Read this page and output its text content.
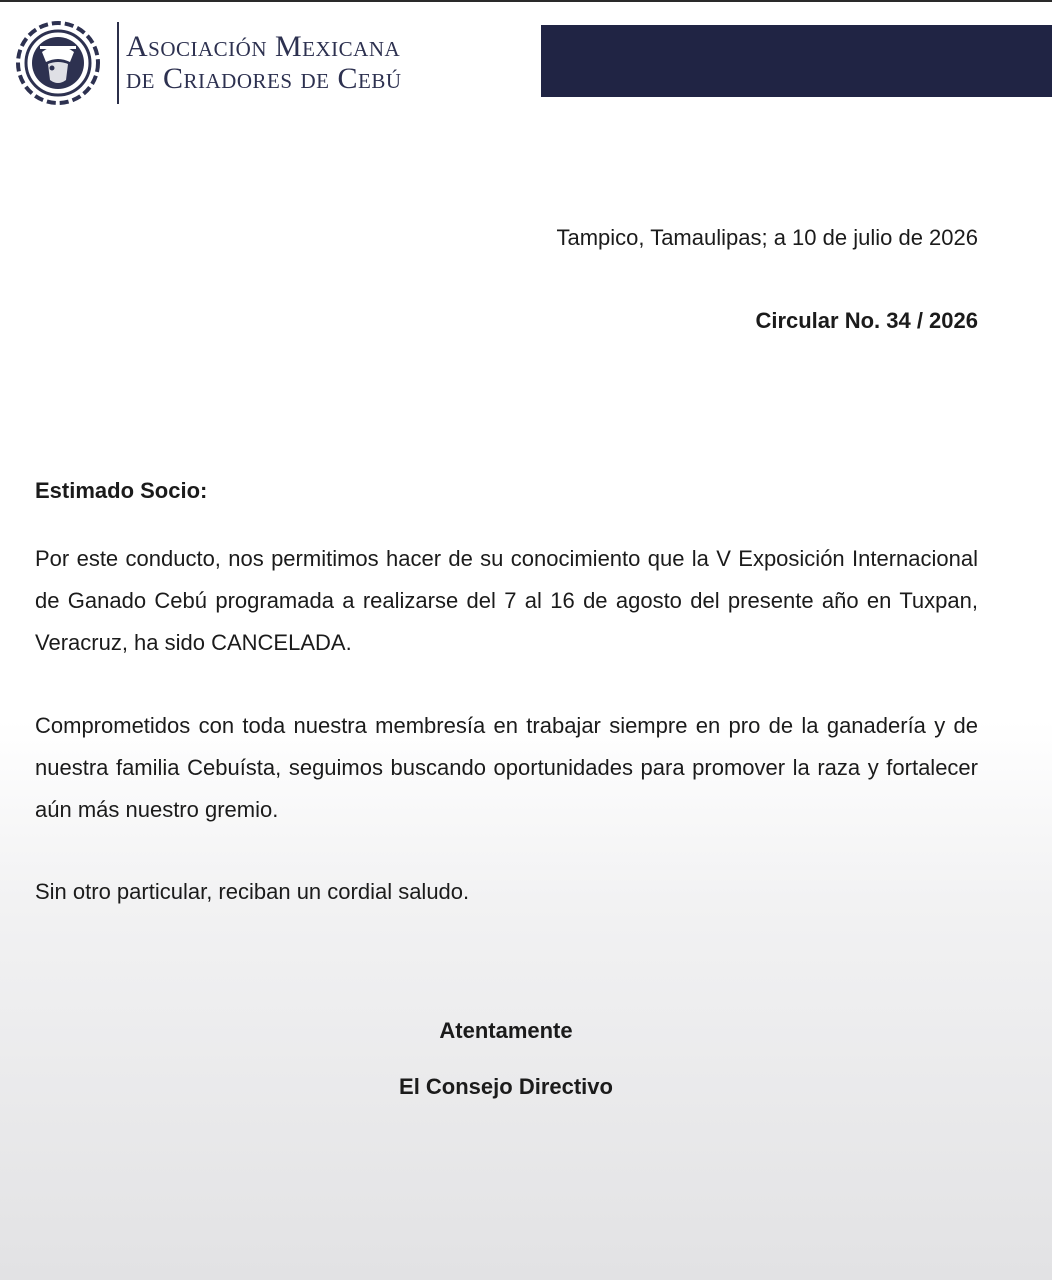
Asociación Mexicana
de Criadores de Cebú
Tampico, Tamaulipas; a 10 de julio de 2026
Circular No. 34 / 2026
Estimado Socio:
Por este conducto, nos permitimos hacer de su conocimiento que la V Exposición Internacional de Ganado Cebú programada a realizarse del 7 al 16 de agosto del presente año en Tuxpan, Veracruz, ha sido CANCELADA.
Comprometidos con toda nuestra membresía en trabajar siempre en pro de la ganadería y de nuestra familia Cebuísta, seguimos buscando oportunidades para promover la raza y fortalecer aún más nuestro gremio.
Sin otro particular, reciban un cordial saludo.
Atentamente
El Consejo Directivo
